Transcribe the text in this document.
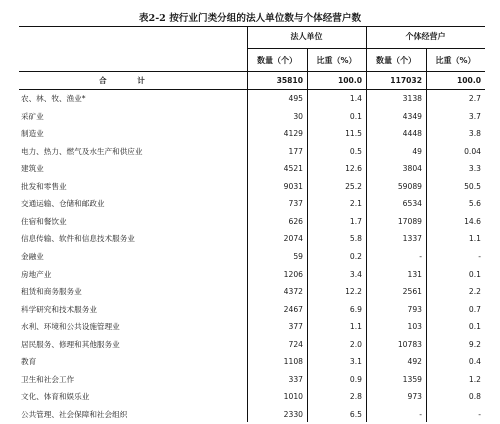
表2-2 按行业门类分组的法人单位数与个体经营户数
法人单位	个体经营户
数量（个）	比重（%）	数量（个）	比重（%）
合 计	35810	100.0	117032	100.0
农、林、牧、渔业*	495	1.4	3138	2.7
采矿业	30	0.1	4349	3.7
制造业	4129	11.5	4448	3.8
电力、热力、燃气及水生产和供应业	177	0.5	49	0.04
建筑业	4521	12.6	3804	3.3
批发和零售业	9031	25.2	59089	50.5
交通运输、仓储和邮政业	737	2.1	6534	5.6
住宿和餐饮业	626	1.7	17089	14.6
信息传输、软件和信息技术服务业	2074	5.8	1337	1.1
金融业	59	0.2	-	-
房地产业	1206	3.4	131	0.1
租赁和商务服务业	4372	12.2	2561	2.2
科学研究和技术服务业	2467	6.9	793	0.7
水利、环境和公共设施管理业	377	1.1	103	0.1
居民服务、修理和其他服务业	724	2.0	10783	9.2
教育	1108	3.1	492	0.4
卫生和社会工作	337	0.9	1359	1.2
文化、体育和娱乐业	1010	2.8	973	0.8
公共管理、社会保障和社会组织	2330	6.5	-	-
